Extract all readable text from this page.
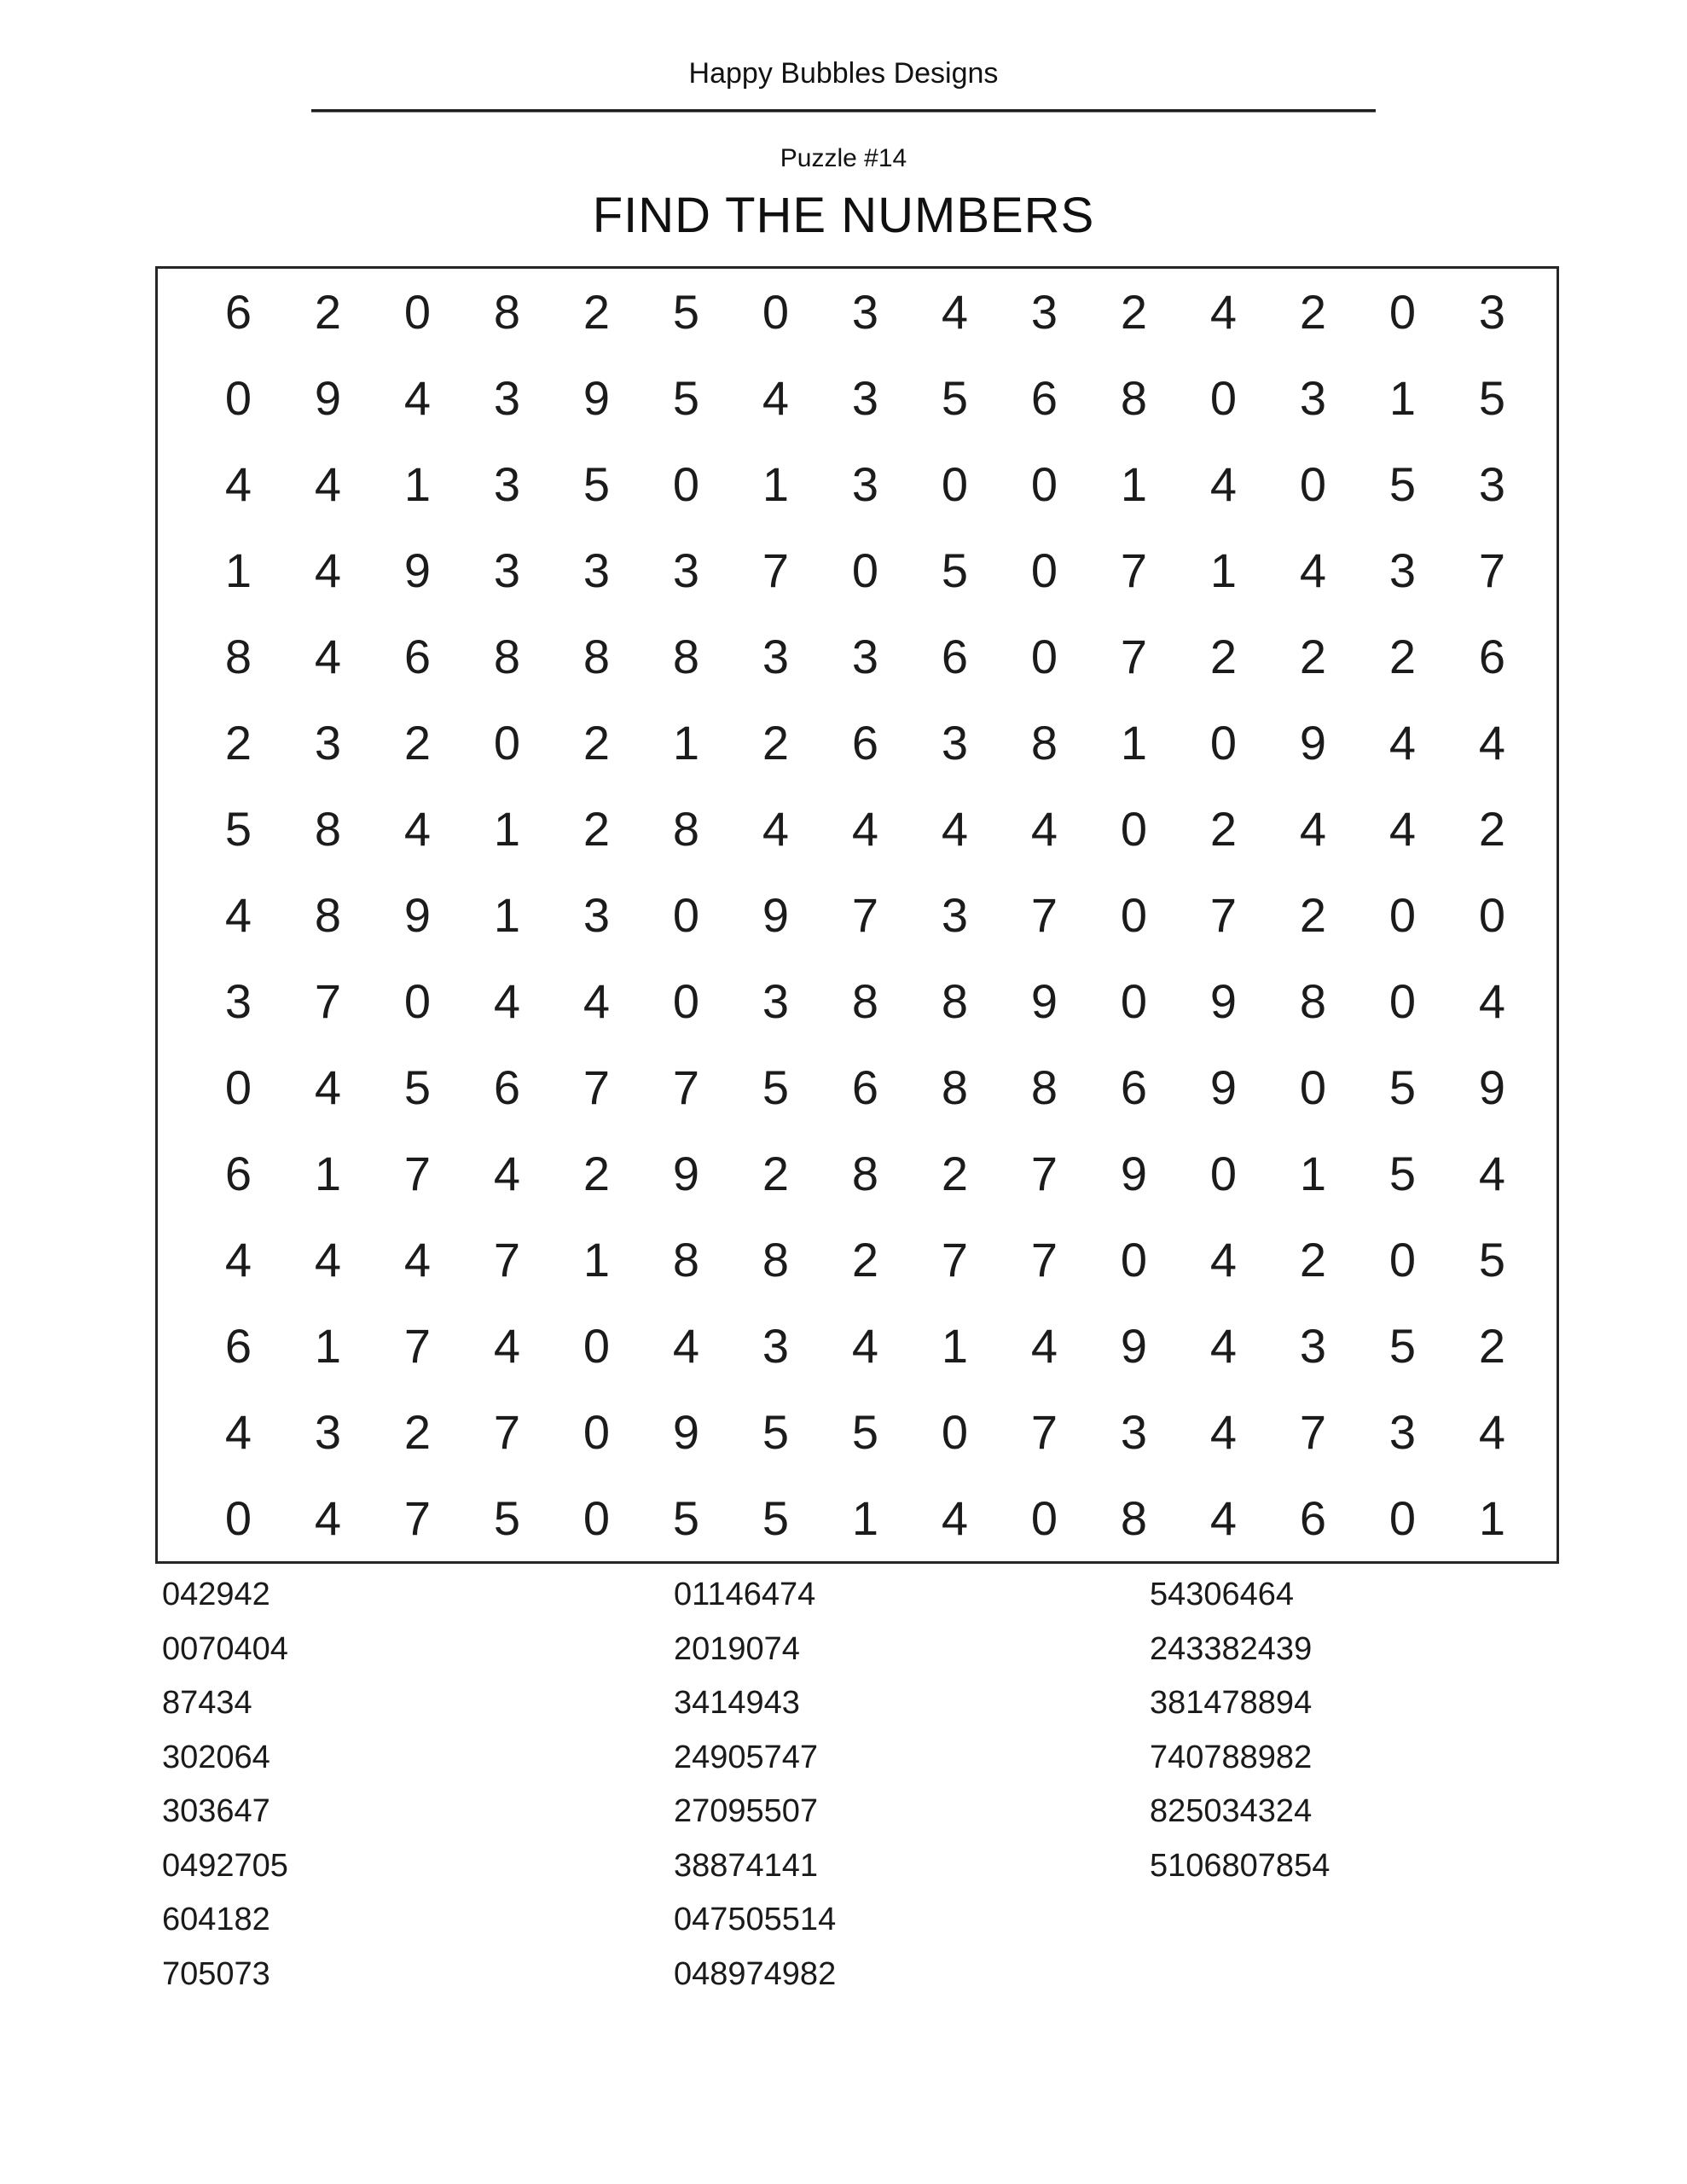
Happy Bubbles Designs
Puzzle #14
FIND THE NUMBERS
6	2	0	8	2	5	0	3	4	3	2	4	2	0	3
0	9	4	3	9	5	4	3	5	6	8	0	3	1	5
4	4	1	3	5	0	1	3	0	0	1	4	0	5	3
1	4	9	3	3	3	7	0	5	0	7	1	4	3	7
8	4	6	8	8	8	3	3	6	0	7	2	2	2	6
2	3	2	0	2	1	2	6	3	8	1	0	9	4	4
5	8	4	1	2	8	4	4	4	4	0	2	4	4	2
4	8	9	1	3	0	9	7	3	7	0	7	2	0	0
3	7	0	4	4	0	3	8	8	9	0	9	8	0	4
0	4	5	6	7	7	5	6	8	8	6	9	0	5	9
6	1	7	4	2	9	2	8	2	7	9	0	1	5	4
4	4	4	7	1	8	8	2	7	7	0	4	2	0	5
6	1	7	4	0	4	3	4	1	4	9	4	3	5	2
4	3	2	7	0	9	5	5	0	7	3	4	7	3	4
0	4	7	5	0	5	5	1	4	0	8	4	6	0	1
042942
0070404
87434
302064
303647
0492705
604182
705073
01146474
2019074
3414943
24905747
27095507
38874141
047505514
048974982
54306464
243382439
381478894
740788982
825034324
5106807854
